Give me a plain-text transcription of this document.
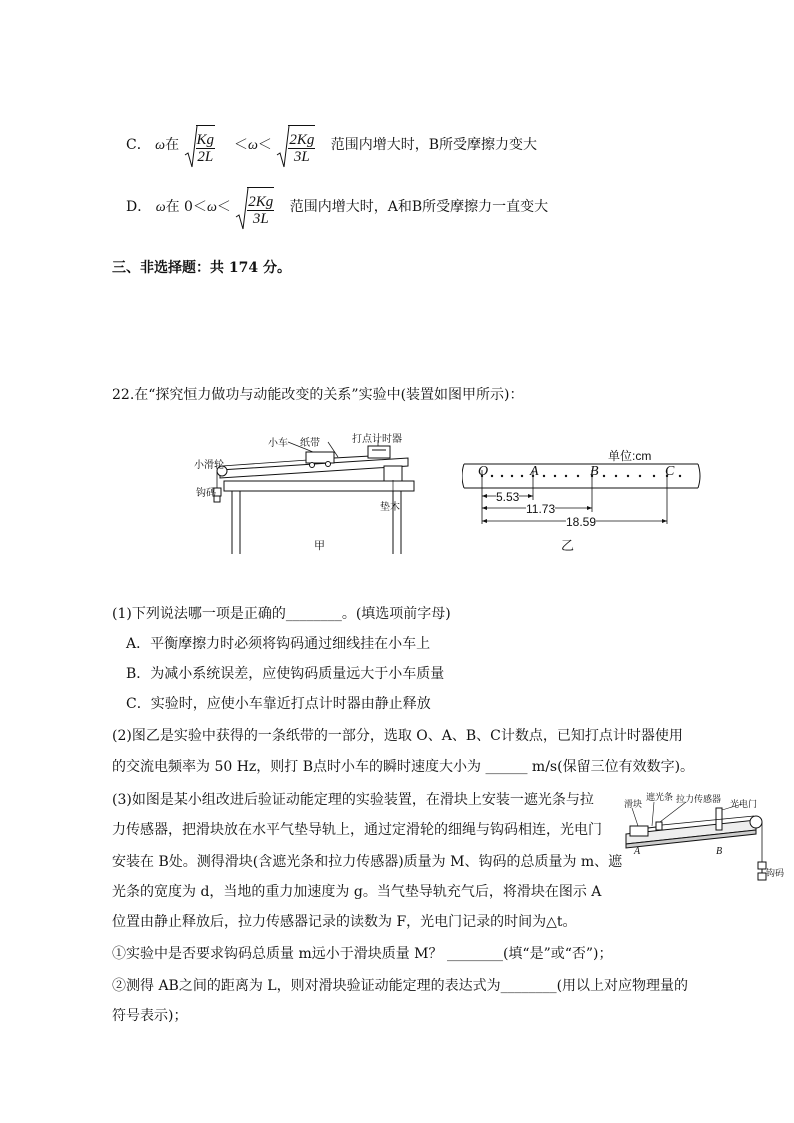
C． ω在 $\frac{Kg}{2L} <\omega< \frac{2Kg}{3L}$ 范围内增大时，B所受摩擦力变大
D． ω在 $0<\omega< \frac{2Kg}{3L}$ 范围内增大时，A和B所受摩擦力一直变大
三、非选择题：共 174 分。
22.在“探究恒力做功与动能改变的关系”实验中(装置如图甲所示)：
小车 纸带	打点计时器
小滑轮
钩码
垫木
甲
单位:cm
O	A	B	C
5.53
11.73
18.59
乙
(1)下列说法哪一项是正确的________。(填选项前字母)
A．平衡摩擦力时必须将钩码通过细线挂在小车上
B．为减小系统误差，应使钩码质量远大于小车质量
C．实验时，应使小车靠近打点计时器由静止释放
(2)图乙是实验中获得的一条纸带的一部分，选取 O、A、B、C计数点，已知打点计时器使用
的交流电频率为 50 Hz，则打 B点时小车的瞬时速度大小为 ______ m/s(保留三位有效数字)。
(3)如图是某小组改进后验证动能定理的实验装置，在滑块上安装一遮光条与拉
力传感器，把滑块放在水平气垫导轨上，通过定滑轮的细绳与钩码相连，光电门
安装在 B处。测得滑块(含遮光条和拉力传感器)质量为 M、钩码的总质量为 m、遮
光条的宽度为 d，当地的重力加速度为 g。当气垫导轨充气后，将滑块在图示 A
位置由静止释放后，拉力传感器记录的读数为 F，光电门记录的时间为△t。
滑块
遮光条 拉力传感器 光电门
A	B
钩码
①实验中是否要求钩码总质量 m远小于滑块质量 M？ ________(填“是”或“否”)；
②测得 AB之间的距离为 L，则对滑块验证动能定理的表达式为________(用以上对应物理量的
符号表示)；
